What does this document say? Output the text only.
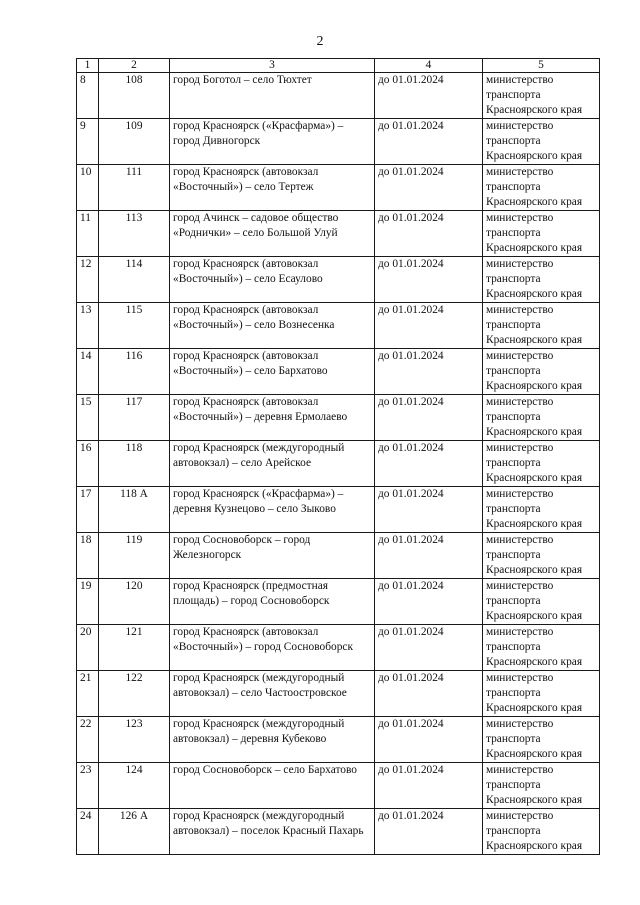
2
1	2	3	4	5
8	108	город Боготол – село Тюхтет	до 01.01.2024	министерство транспорта Красноярского края
9	109	город Красноярск («Красфарма») – город Дивногорск	до 01.01.2024	министерство транспорта Красноярского края
10	111	город Красноярск (автовокзал «Восточный») – село Тертеж	до 01.01.2024	министерство транспорта Красноярского края
11	113	город Ачинск – садовое общество «Роднички» – село Большой Улуй	до 01.01.2024	министерство транспорта Красноярского края
12	114	город Красноярск (автовокзал «Восточный») – село Есаулово	до 01.01.2024	министерство транспорта Красноярского края
13	115	город Красноярск (автовокзал «Восточный») – село Вознесенка	до 01.01.2024	министерство транспорта Красноярского края
14	116	город Красноярск (автовокзал «Восточный») – село Бархатово	до 01.01.2024	министерство транспорта Красноярского края
15	117	город Красноярск (автовокзал «Восточный») – деревня Ермолаево	до 01.01.2024	министерство транспорта Красноярского края
16	118	город Красноярск (междугородный автовокзал) – село Арейское	до 01.01.2024	министерство транспорта Красноярского края
17	118 А	город Красноярск («Красфарма») – деревня Кузнецово – село Зыково	до 01.01.2024	министерство транспорта Красноярского края
18	119	город Сосновоборск – город Железногорск	до 01.01.2024	министерство транспорта Красноярского края
19	120	город Красноярск (предмостная площадь) – город Сосновоборск	до 01.01.2024	министерство транспорта Красноярского края
20	121	город Красноярск (автовокзал «Восточный») – город Сосновоборск	до 01.01.2024	министерство транспорта Красноярского края
21	122	город Красноярск (междугородный автовокзал) – село Частоостровское	до 01.01.2024	министерство транспорта Красноярского края
22	123	город Красноярск (междугородный автовокзал) – деревня Кубеково	до 01.01.2024	министерство транспорта Красноярского края
23	124	город Сосновоборск – село Бархатово	до 01.01.2024	министерство транспорта Красноярского края
24	126 А	город Красноярск (междугородный автовокзал) – поселок Красный Пахарь	до 01.01.2024	министерство транспорта Красноярского края
